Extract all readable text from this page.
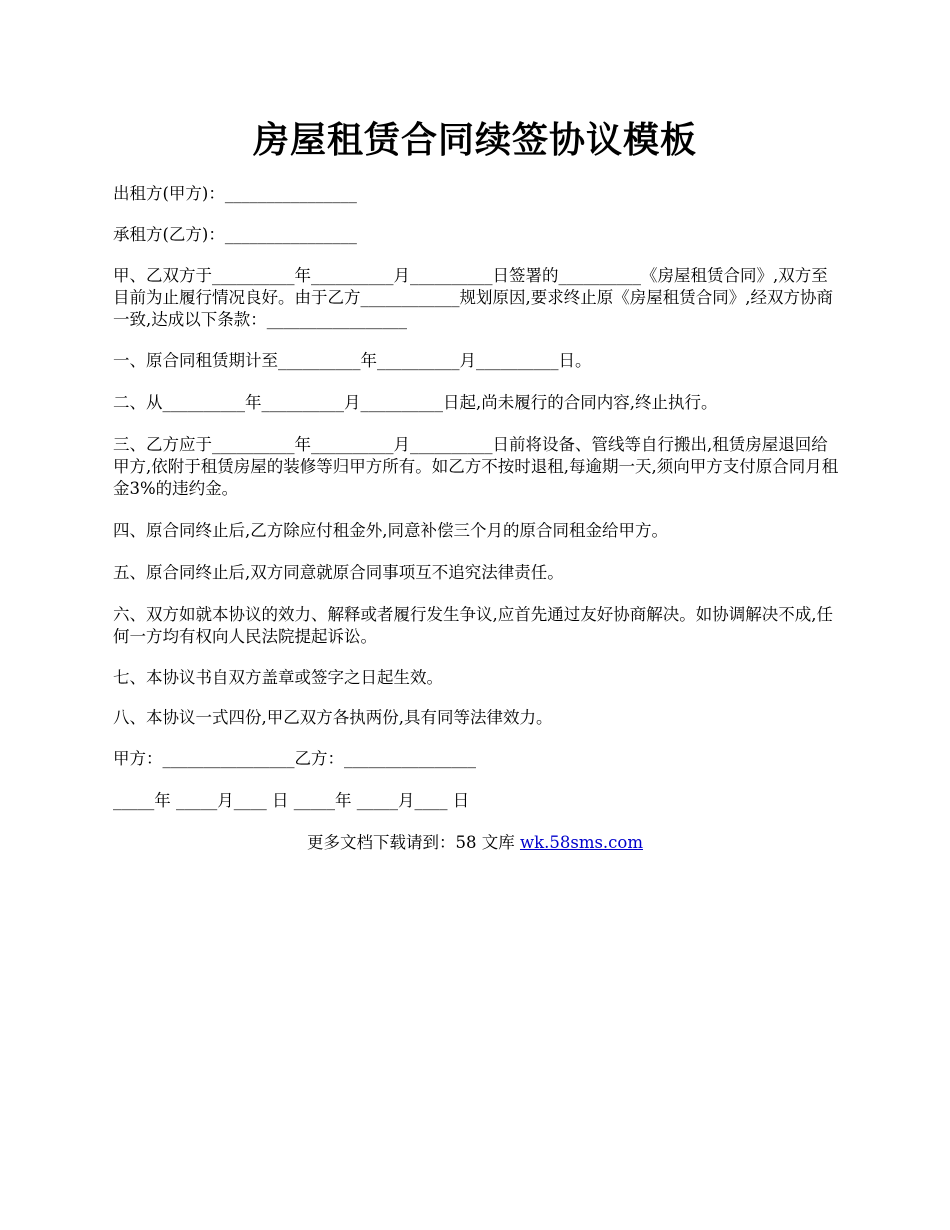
房屋租赁合同续签协议模板
出租方(甲方)：________________
承租方(乙方)：________________
甲、乙双方于__________年__________月__________日签署的__________《房屋租赁合同》,双方至目前为止履行情况良好。由于乙方____________规划原因,要求终止原《房屋租赁合同》,经双方协商一致,达成以下条款：_________________
一、原合同租赁期计至__________年__________月__________日。
二、从__________年__________月__________日起,尚未履行的合同内容,终止执行。
三、乙方应于__________年__________月__________日前将设备、管线等自行搬出,租赁房屋退回给甲方,依附于租赁房屋的装修等归甲方所有。如乙方不按时退租,每逾期一天,须向甲方支付原合同月租金3%的违约金。
四、原合同终止后,乙方除应付租金外,同意补偿三个月的原合同租金给甲方。
五、原合同终止后,双方同意就原合同事项互不追究法律责任。
六、双方如就本协议的效力、解释或者履行发生争议,应首先通过友好协商解决。如协调解决不成,任何一方均有权向人民法院提起诉讼。
七、本协议书自双方盖章或签字之日起生效。
八、本协议一式四份,甲乙双方各执两份,具有同等法律效力。
甲方：________________乙方：________________
_____年 _____月____ 日 _____年 _____月____ 日
更多文档下载请到：58 文库 wk.58sms.com
